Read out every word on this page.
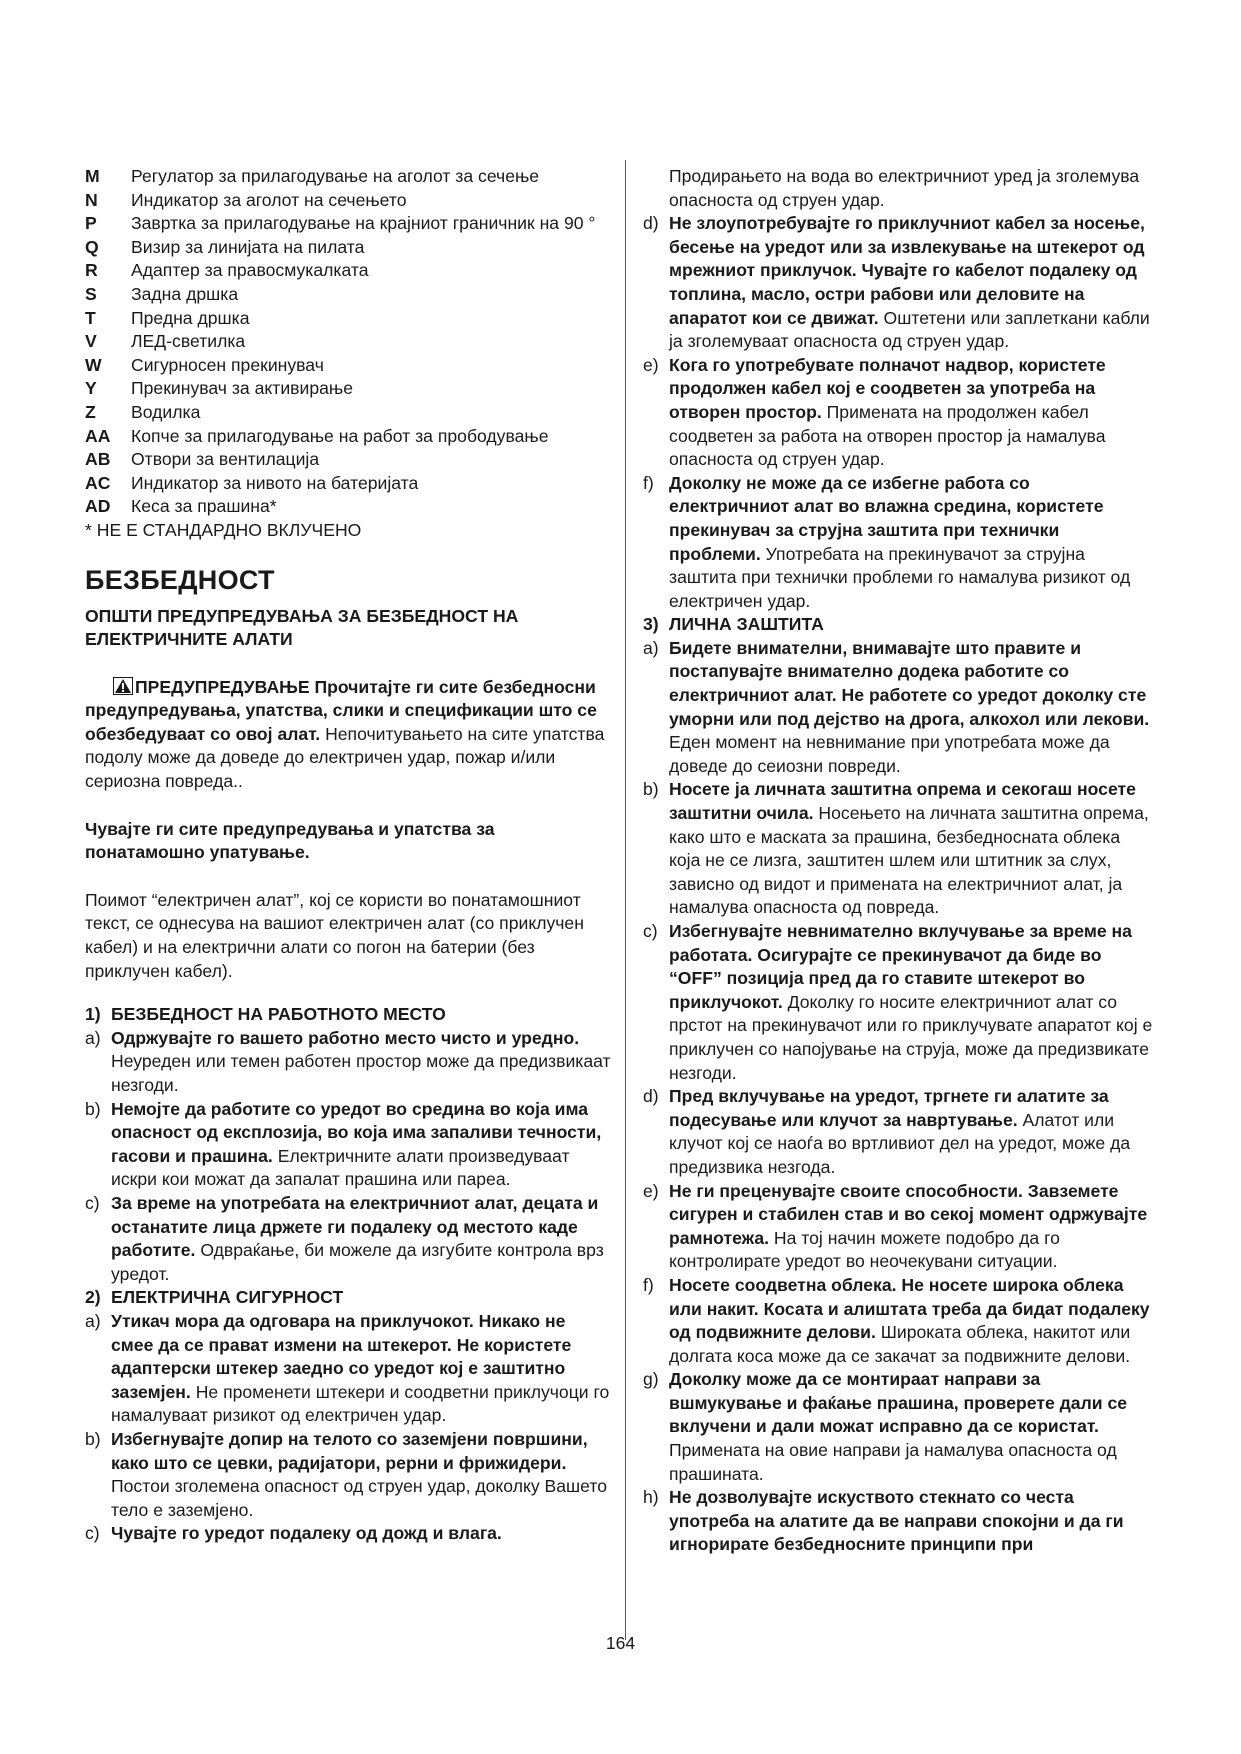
M	Регулатор за прилагодување на аголот за сечење
N	Индикатор за аголот на сечењето
P	Завртка за прилагодување на крајниот граничник на 90 °
Q	Визир за линијата на пилата
R	Адаптер за правосмукалката
S	Задна дршка
T	Предна дршка
V	ЛЕД-светилка
W	Сигурносен прекинувач
Y	Прекинувач за активирање
Z	Водилка
AA	Копче за прилагодување на работ за прободување
AB	Отвори за вентилација
AC	Индикатор за нивото на батеријата
AD	Кеса за прашина*
* НЕ Е СТАНДАРДНО ВКЛУЧЕНО
БЕЗБЕДНОСТ
ОПШТИ ПРЕДУПРЕДУВАЊА ЗА БЕЗБЕДНОСТ НА ЕЛЕКТРИЧНИТЕ АЛАТИ

ПРЕДУПРЕДУВАЊЕ Прочитајте ги сите безбедносни предупредувања, упатства, слики и спецификации што се обезбедуваат со овој алат. Непочитувањето на сите упатства подолу може да доведе до електричен удар, пожар и/или сериозна повреда..

Чувајте ги сите предупредувања и упатства за понатамошно упатување.

Поимот “електричен алат”, кој се користи во понатамошниот текст, се однесува на вашиот електричен алат (со приклучен кабел) и на електрични алати со погон на батерии (без приклучен кабел).

1) БЕЗБЕДНОСТ НА РАБОТНОТО МЕСТО
a) Одржувајте го вашето работно место чисто и уредно. Неуреден или темен работен простор може да предизвикаат незгоди.
b) Немојте да работите со уредот во средина во која има опасност од експлозија, во која има запаливи течности, гасови и прашина. Електричните алати произведуваат искри кои можат да запалат прашина или пареа.
c) За време на употребата на електричниот алат, децата и останатите лица држете ги подалеку од местото каде работите. Одвраќање, би можеле да изгубите контрола врз уредот.
2) ЕЛЕКТРИЧНА СИГУРНОСТ
a) Утикач мора да одговара на приклучокот. Никако не смее да се прават измени на штекерот. Не користете адаптерски штекер заедно со уредот кој е заштитно заземјен. Не променети штекери и соодветни приклучоци го намалуваат ризикот од електричен удар.
b) Избегнувајте допир на телото со заземјени површини, како што се цевки, радијатори, рерни и фрижидери. Постои зголемена опасност од струен удар, доколку Вашето тело е заземјено.
c) Чувајте го уредот подалеку од дожд и влага.

Продирањето на вода во електричниот уред ја зголемува опасноста од струен удар.

d) Не злоупотребувајте го приклучниот кабел за носење, бесење на уредот или за извлекување на штекерот од мрежниот приклучок. Чувајте го кабелот подалеку од топлина, масло, остри рабови или деловите на апаратот кои се движат. Оштетени или заплеткани кабли ја зголемуваат опасноста од струен удар.
e) Кога го употребувате полначот надвор, користете продолжен кабел кој е соодветен за употреба на отворен простор. Примената на продолжен кабел соодветен за работа на отворен простор ја намалува опасноста од струен удар.
f) Доколку не може да се избегне работа со електричниот алат во влажна средина, користете прекинувач за струјна заштита при технички проблеми. Употребата на прекинувачот за струјна заштита при технички проблеми го намалува ризикот од електричен удар.
3) ЛИЧНА ЗАШТИТА
a) Бидете внимателни, внимавајте што правите и постапувајте внимателно додека работите со електричниот алат. Не работете со уредот доколку сте уморни или под дејство на дрога, алкохол или лекови. Еден момент на невнимание при употребата може да доведе до сеиозни повреди.
b) Носете ја личната заштитна опрема и секогаш носете заштитни очила. Носењето на личната заштитна опрема, како што е маската за прашина, безбедносната облека која не се лизга, заштитен шлем или штитник за слух, зависно од видот и примената на електричниот алат, ја намалува опасноста од повреда.
c) Избегнувајте невнимателно вклучување за време на работата. Осигурајте се прекинувачот да биде во “OFF” позиција пред да го ставите штекерот во приклучокот. Доколку го носите електричниот алат со прстот на прекинувачот или го приклучувате апаратот кој е приклучен со напојување на струја, може да предизвикате незгоди.
d) Пред вклучување на уредот, тргнете ги алатите за подесување или клучот за навртување. Алатот или клучот кој се наоѓа во вртливиот дел на уредот, може да предизвика незгода.
e) Не ги преценувајте своите способности. Завземете сигурен и стабилен став и во секој момент одржувајте рамнотежа. На тој начин можете подобро да го контролирате уредот во неочекувани ситуации.
f) Носете соодветна облека. Не носете широка облека или накит. Косата и алиштата треба да бидат подалеку од подвижните делови. Широката облека, накитот или долгата коса може да се закачат за подвижните делови.
g) Доколку може да се монтираат направи за вшмукување и фаќање прашина, проверете дали се вклучени и дали можат исправно да се користат. Примената на овие направи ја намалува опасноста од прашината.
h) Не дозволувајте искуството стекнато со честа употреба на алатите да ве направи спокојни и да ги игнорирате безбедносните принципи при
164
